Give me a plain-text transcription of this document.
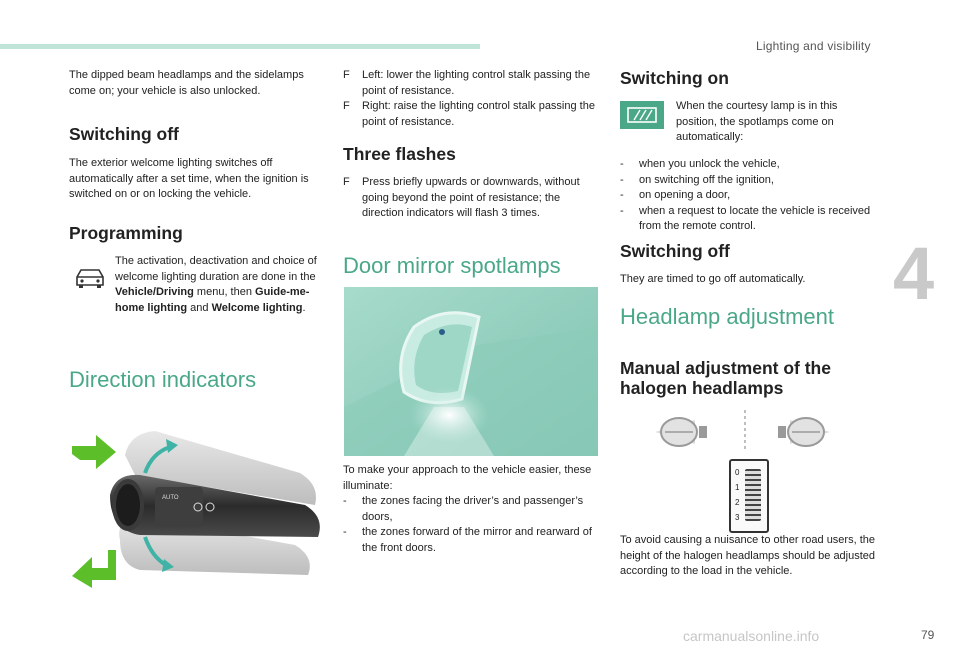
Lighting and visibility
4
The dipped beam headlamps and the sidelamps come on; your vehicle is also unlocked.
Switching off
The exterior welcome lighting switches off automatically after a set time, when the ignition is switched on or on locking the vehicle.
Programming
The activation, deactivation and choice of welcome lighting duration are done in the Vehicle/Driving menu, then Guide-me-home lighting and Welcome lighting.
Direction indicators
AUTO
F Left: lower the lighting control stalk passing the point of resistance.
F Right: raise the lighting control stalk passing the point of resistance.
Three flashes
F Press briefly upwards or downwards, without going beyond the point of resistance; the direction indicators will flash 3 times.
Door mirror spotlamps
To make your approach to the vehicle easier, these illuminate:
- the zones facing the driver’s and passenger’s doors,
- the zones forward of the mirror and rearward of the front doors.
Switching on
When the courtesy lamp is in this position, the spotlamps come on automatically:
- when you unlock the vehicle,
- on switching off the ignition,
- on opening a door,
- when a request to locate the vehicle is received from the remote control.
Switching off
They are timed to go off automatically.
Headlamp adjustment
Manual adjustment of the
halogen headlamps
0
1
2
3
To avoid causing a nuisance to other road users, the height of the halogen headlamps should be adjusted according to the load in the vehicle.
carmanualsonline.info	79
